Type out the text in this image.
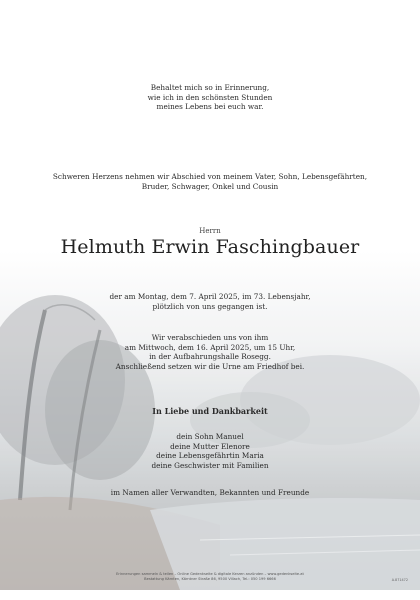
Behaltet mich so in Erinnerung,
wie ich in den schönsten Stunden
meines Lebens bei euch war.
Schweren Herzens nehmen wir Abschied von meinem Vater, Sohn, Lebensgefährten,
Bruder, Schwager, Onkel und Cousin
Herrn
Helmuth Erwin Faschingbauer
der am Montag, dem 7. April 2025, im 73. Lebensjahr,
plötzlich von uns gegangen ist.
Wir verabschieden uns von ihm
am Mittwoch, dem 16. April 2025, um 15 Uhr,
in der Aufbahrungshalle Rosegg.
Anschließend setzen wir die Urne am Friedhof bei.
In Liebe und Dankbarkeit
dein Sohn Manuel
deine Mutter Elenore
deine Lebensgefährtin Maria
deine Geschwister mit Familien
im Namen aller Verwandten, Bekannten und Freunde
Erinnerungen sammeln & teilen – Online Gedenkseite & digitale Kerzen anzünden – www.gedenkseite.at
Bestattung Kärnten, Kärntner Straße 86, 9500 Villach, Tel.: 050 199 6666	A.871472
